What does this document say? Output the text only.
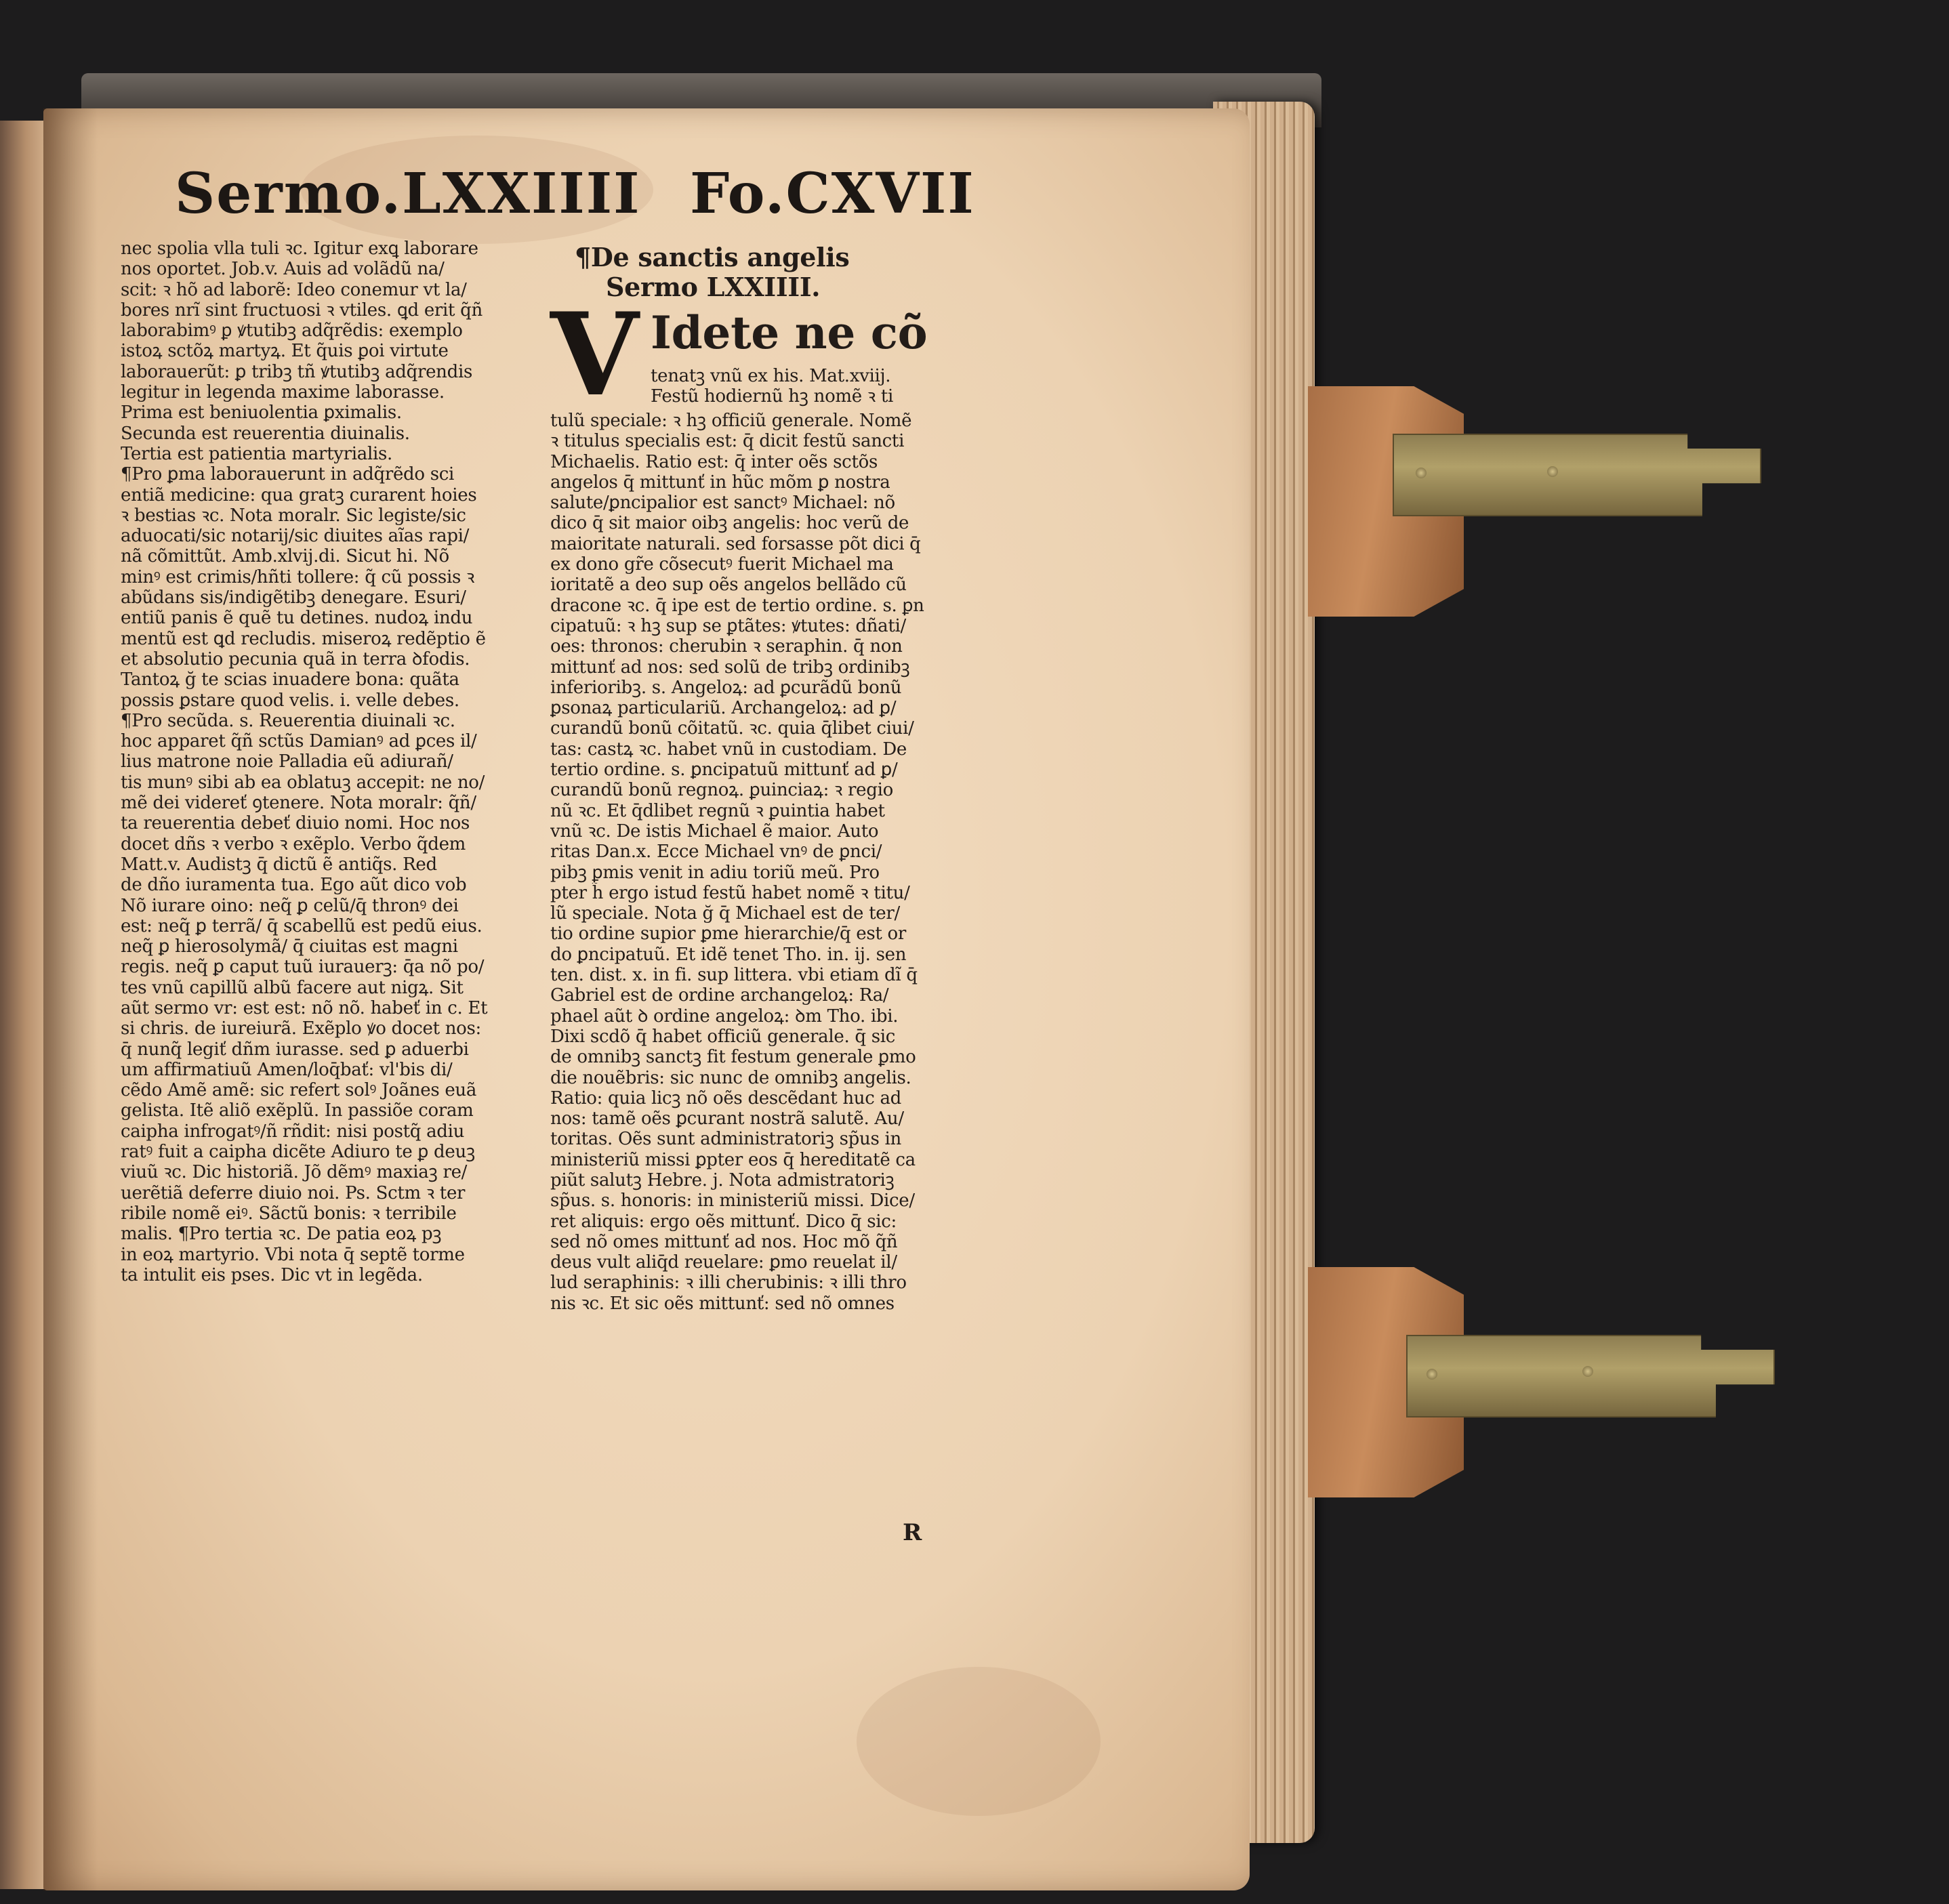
Sermo.LXXIIII Fo.CXVII
nec spolia vlla tuli ꝛc. Igitur exꝗ laborare
nos oportet. Job.v. Auis ad volãdũ na/
scit: ꝛ hõ ad laborẽ: Ideo conemur vt la/
bores nrĩ sint fructuosi ꝛ vtiles. ꝗd erit q̃ñ
laborabimꝰ ꝑ ꝟtutibꝫ adq̃rẽdis: exemplo
istoꝝ sctõꝝ martyꝝ. Et q̃uis ꝑoi virtute
laborauerũt: ꝑ tribꝫ tñ ꝟtutibꝫ adq̃rendis
legitur in legenda maxime laborasse.
Prima est beniuolentia ꝑximalis.
Secunda est reuerentia diuinalis.
Tertia est patientia martyrialis.
¶Pro ꝑma laborauerunt in adq̃rẽdo sci
entiã medicine: qua gratꝫ curarent hoies
ꝛ bestias ꝛc. Nota moralr. Sic legiste/sic
aduocati/sic notarij/sic diuites aĩas rapi/
nã cõmittũt. Amb.xlvij.di. Sicut hi. Nõ
minꝰ est crimis/hñti tollere: q̃ cũ possis ꝛ
abũdans sis/indigẽtibꝫ denegare. Esuri/
entiũ panis ẽ quẽ tu detines. nudoꝝ indu
mentũ est ꝗd recludis. miseroꝝ redẽptio ẽ
et absolutio pecunia quã in terra ꝺfodis.
Tantoꝝ ğ te scias inuadere bona: quãta
possis ꝑstare quod velis. i. velle debes.
¶Pro secũda. s. Reuerentia diuinali ꝛc.
hoc apparet q̃ñ sctũs Damianꝰ ad ꝑces il/
lius matrone noie Palladia eũ adiurañ/
tis munꝰ sibi ab ea oblatuꝫ accepit: ne no/
mẽ dei videreť ꝯtenere. Nota moralr: q̃ñ/
ta reuerentia debeť diuio nomi. Hoc nos
docet dñs ꝛ verbo ꝛ exẽplo. Verbo q̃dem
Matt.v. Audistꝫ q̄ dictũ ẽ antiq̃s. Red
de dño iuramenta tua. Ego aũt dico vob
Nõ iurare oino: neq̃ ꝑ celũ/q̄ thronꝰ dei
est: neq̃ ꝑ terrã/ q̄ scabellũ est pedũ eius.
neq̃ ꝑ hierosolymã/ q̄ ciuitas est magni
regis. neq̃ ꝑ caput tuũ iurauerꝫ: q̄a nõ po/
tes vnũ capillũ albũ facere aut nigꝝ. Sit
aũt sermo vr: est est: nõ nõ. habeť in c. Et
si chris. de iureiurã. Exẽplo ꝟo docet nos:
q̄ nunq̃ legiť dñm iurasse. sed ꝑ aduerbi
um affirmatiuũ Amen/loq̄bať: vl'bis di/
cẽdo Amẽ amẽ: sic refert solꝰ Joãnes euã
gelista. Itẽ aliõ exẽplũ. In passiõe coram
caipha infrogatꝰ/ñ rñdit: nisi postq̃ adiu
ratꝰ fuit a caipha dicẽte Adiuro te ꝑ deuꝫ
viuũ ꝛc. Dic historiã. Jõ dẽmꝰ maxiaꝫ re/
uerẽtiã deferre diuio noi. Ps. Sctm ꝛ ter
ribile nomẽ eiꝰ. Sãctũ bonis: ꝛ terribile
malis. ¶Pro tertia ꝛc. De patia eoꝝ pꝫ
in eoꝝ martyrio. Vbi nota q̄ septẽ torme
ta intulit eis pses. Dic vt in legẽda.
¶De sanctis angelis
Sermo LXXIIII.
V Idete ne cõ
tenatꝫ vnũ ex his. Mat.xviij.
Festũ hodiernũ hꝫ nomẽ ꝛ ti
tulũ speciale: ꝛ hꝫ officiũ generale. Nomẽ
ꝛ titulus specialis est: q̄ dicit festũ sancti
Michaelis. Ratio est: q̄ inter oẽs sctõs
angelos q̄ mittunť in hũc mõm ꝑ nostra
salute/ꝑncipalior est sanctꝰ Michael: nõ
dico q̄ sit maior oibꝫ angelis: hoc verũ de
maioritate naturali. sed forsasse põt dici q̄
ex dono gr̃e cõsecutꝰ fuerit Michael ma
ioritatẽ a deo sup oẽs angelos bellãdo cũ
dracone ꝛc. q̄ ipe est de tertio ordine. s. ꝑn
cipatuũ: ꝛ hꝫ sup se ꝑtãtes: ꝟtutes: dñati/
oes: thronos: cherubin ꝛ seraphin. q̄ non
mittunť ad nos: sed solũ de tribꝫ ordinibꝫ
inferioribꝫ. s. Angeloꝝ: ad ꝑcurãdũ bonũ
ꝑsonaꝝ particulariũ. Archangeloꝝ: ad ꝑ/
curandũ bonũ cõitatũ. ꝛc. quia q̄libet ciui/
tas: castꝝ ꝛc. habet vnũ in custodiam. De
tertio ordine. s. ꝑncipatuũ mittunť ad ꝑ/
curandũ bonũ regnoꝝ. ꝑuinciaꝝ: ꝛ regio
nũ ꝛc. Et q̄dlibet regnũ ꝛ ꝑuintia habet
vnũ ꝛc. De istis Michael ẽ maior. Auto
ritas Dan.x. Ecce Michael vnꝰ de ꝑnci/
pibꝫ ꝑmis venit in adiu toriũ meũ. Pro
pter h̃ ergo istud festũ habet nomẽ ꝛ titu/
lũ speciale. Nota ğ q̄ Michael est de ter/
tio ordine supior ꝑme hierarchie/q̄ est or
do ꝑncipatuũ. Et idẽ tenet Tho. in. ij. sen
ten. dist. x. in fi. sup littera. vbi etiam dĩ q̄
Gabriel est de ordine archangeloꝝ: Ra/
phael aũt ꝺ ordine angeloꝝ: ꝺm Tho. ibi.
Dixi scdõ q̄ habet officiũ generale. q̄ sic
de omnibꝫ sanctꝫ fit festum generale ꝑmo
die nouẽbris: sic nunc de omnibꝫ angelis.
Ratio: quia licꝫ nõ oẽs descẽdant huc ad
nos: tamẽ oẽs ꝑcurant nostrã salutẽ. Au/
toritas. Oẽs sunt administratoriꝫ sp̃us in
ministeriũ missi ꝑpter eos q̄ hereditatẽ ca
piũt salutꝫ Hebre. j. Nota admistratoriꝫ
sp̃us. s. honoris: in ministeriũ missi. Dice/
ret aliquis: ergo oẽs mittunť. Dico q̄ sic:
sed nõ omes mittunť ad nos. Hoc mõ q̃ñ
deus vult aliq̄d reuelare: ꝑmo reuelat il/
lud seraphinis: ꝛ illi cherubinis: ꝛ illi thro
nis ꝛc. Et sic oẽs mittunť: sed nõ omnes
R
